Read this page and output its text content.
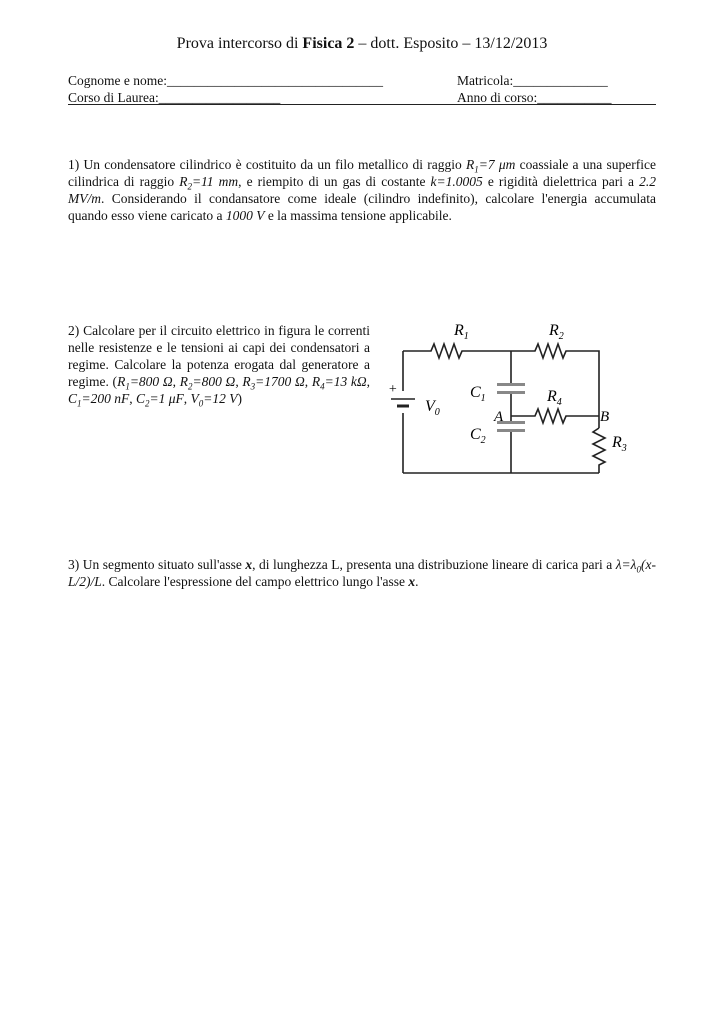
Prova intercorso di Fisica 2 – dott. Esposito – 13/12/2013
Cognome e nome:________________________________	Matricola:______________
Corso di Laurea:__________________	Anno di corso:___________
1) Un condensatore cilindrico è costituito da un filo metallico di raggio $R_1=7$ μm coassiale a una superfice cilindrica di raggio $R_2=11$ mm, e riempito di un gas di costante k=1.0005 e rigidità dielettrica pari a 2.2 MV/m. Considerando il condansatore come ideale (cilindro indefinito), calcolare l'energia accumulata quando esso viene caricato a 1000 V e la massima tensione applicabile.
2) Calcolare per il circuito elettrico in figura le correnti nelle resistenze e le tensioni ai capi dei condensatori a regime. Calcolare la potenza erogata dal generatore a regime. ($R_1=800$ Ω, $R_2=800$ Ω, $R_3=1700$ Ω, $R_4=13$ kΩ, $C_1=200$ nF, $C_2=1$ μF, $V_0=12$ V)
$R_1$	$R_2$
$R_4$
$R_3$
$C_1$
$C_2$
$V_0$
+
A	B
3) Un segmento situato sull'asse x, di lunghezza L, presenta una distribuzione lineare di carica pari a $\lambda=\lambda_0(x-L/2)/L$. Calcolare l'espressione del campo elettrico lungo l'asse x.
